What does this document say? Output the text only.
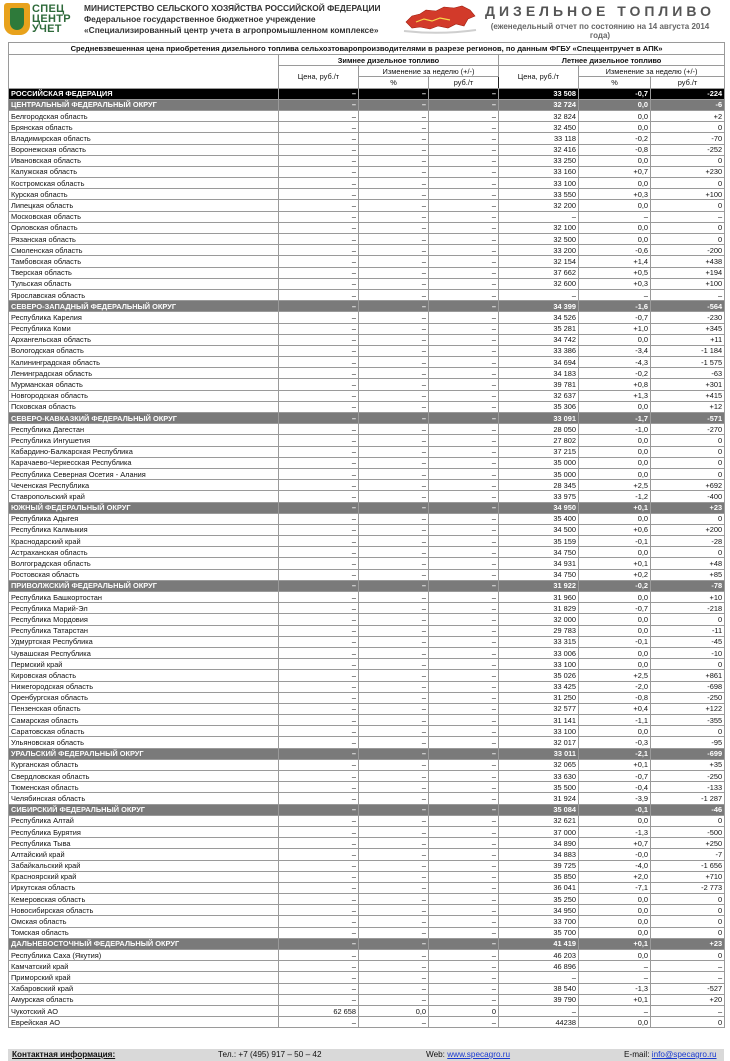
СПЕЦ
ЦЕНТР
УЧЕТ
МИНИСТЕРСТВО СЕЛЬСКОГО ХОЗЯЙСТВА РОССИЙСКОЙ ФЕДЕРАЦИИ
Федеральное государственное бюджетное учреждение
«Специализированный центр учета в агропромышленном комплексе»
ДИЗЕЛЬНОЕ ТОПЛИВО
(еженедельный отчет по состоянию на 14 августа 2014 года)
Средневзвешенная цена приобретения дизельного топлива сельхозтоваропроизводителями в разрезе регионов, по данным ФГБУ «Спеццентручет в АПК»						
	Зимнее дизельное топливо			Летнее дизельное топливо		
	Цена, руб./т	Изменение за неделю (+/-)		Цена, руб./т	Изменение за неделю (+/-)	
		%	руб./т		%	руб./т
РОССИЙСКАЯ ФЕДЕРАЦИЯ	–	–	–	33 508	-0,7	-224
ЦЕНТРАЛЬНЫЙ ФЕДЕРАЛЬНЫЙ ОКРУГ	–	–	–	32 724	0,0	-6
Белгородская область	–	–	–	32 824	0,0	+2
Брянская область	–	–	–	32 450	0,0	0
Владимирская область	–	–	–	33 118	-0,2	-70
Воронежская область	–	–	–	32 416	-0,8	-252
Ивановская область	–	–	–	33 250	0,0	0
Калужская область	–	–	–	33 160	+0,7	+230
Костромская область	–	–	–	33 100	0,0	0
Курская область	–	–	–	33 550	+0,3	+100
Липецкая область	–	–	–	32 200	0,0	0
Московская область	–	–	–	–	–	–
Орловская область	–	–	–	32 100	0,0	0
Рязанская область	–	–	–	32 500	0,0	0
Смоленская область	–	–	–	33 200	-0,6	-200
Тамбовская область	–	–	–	32 154	+1,4	+438
Тверская область	–	–	–	37 662	+0,5	+194
Тульская область	–	–	–	32 600	+0,3	+100
Ярославская область	–	–	–	–	–	–
СЕВЕРО-ЗАПАДНЫЙ ФЕДЕРАЛЬНЫЙ ОКРУГ	–	–	–	34 399	-1,6	-564
Республика Карелия	–	–	–	34 526	-0,7	-230
Республика Коми	–	–	–	35 281	+1,0	+345
Архангельская область	–	–	–	34 742	0,0	+11
Вологодская область	–	–	–	33 386	-3,4	-1 184
Калининградская область	–	–	–	34 694	-4,3	-1 575
Ленинградская область	–	–	–	34 183	-0,2	-63
Мурманская область	–	–	–	39 781	+0,8	+301
Новгородская область	–	–	–	32 637	+1,3	+415
Псковская область	–	–	–	35 306	0,0	+12
СЕВЕРО-КАВКАЗКИЙ ФЕДЕРАЛЬНЫЙ ОКРУГ	–	–	–	33 091	-1,7	-571
Республика Дагестан	–	–	–	28 050	-1,0	-270
Республика Ингушетия	–	–	–	27 802	0,0	0
Кабардино-Балкарская Республика	–	–	–	37 215	0,0	0
Карачаево-Черкесская Республика	–	–	–	35 000	0,0	0
Республика Северная Осетия - Алания	–	–	–	35 000	0,0	0
Чеченская Республика	–	–	–	28 345	+2,5	+692
Ставропольский край	–	–	–	33 975	-1,2	-400
ЮЖНЫЙ ФЕДЕРАЛЬНЫЙ ОКРУГ	–	–	–	34 950	+0,1	+23
Республика Адыгея	–	–	–	35 400	0,0	0
Республика Калмыкия	–	–	–	34 500	+0,6	+200
Краснодарский край	–	–	–	35 159	-0,1	-28
Астраханская область	–	–	–	34 750	0,0	0
Волгоградская область	–	–	–	34 931	+0,1	+48
Ростовская область	–	–	–	34 750	+0,2	+85
ПРИВОЛЖСКИЙ ФЕДЕРАЛЬНЫЙ ОКРУГ	–	–	–	31 922	-0,2	-78
Республика Башкортостан	–	–	–	31 960	0,0	+10
Республика Марий-Эл	–	–	–	31 829	-0,7	-218
Республика Мордовия	–	–	–	32 000	0,0	0
Республика Татарстан	–	–	–	29 783	0,0	-11
Удмуртская Республика	–	–	–	33 315	-0,1	-45
Чувашская Республика	–	–	–	33 006	0,0	-10
Пермский край	–	–	–	33 100	0,0	0
Кировская область	–	–	–	35 026	+2,5	+861
Нижегородская область	–	–	–	33 425	-2,0	-698
Оренбургская область	–	–	–	31 250	-0,8	-250
Пензенская область	–	–	–	32 577	+0,4	+122
Самарская область	–	–	–	31 141	-1,1	-355
Саратовская область	–	–	–	33 100	0,0	0
Ульяновская область	–	–	–	32 017	-0,3	-95
УРАЛЬСКИЙ ФЕДЕРАЛЬНЫЙ ОКРУГ	–	–	–	33 011	-2,1	-699
Курганская область	–	–	–	32 065	+0,1	+35
Свердловская область	–	–	–	33 630	-0,7	-250
Тюменская область	–	–	–	35 500	-0,4	-133
Челябинская область	–	–	–	31 924	-3,9	-1 287
СИБИРСКИЙ ФЕДЕРАЛЬНЫЙ ОКРУГ	–	–	–	35 084	-0,1	-46
Республика Алтай	–	–	–	32 621	0,0	0
Республика Бурятия	–	–	–	37 000	-1,3	-500
Республика Тыва	–	–	–	34 890	+0,7	+250
Алтайский край	–	–	–	34 883	-0,0	-7
Забайкальский край	–	–	–	39 725	-4,0	-1 656
Красноярский край	–	–	–	35 850	+2,0	+710
Иркутская область	–	–	–	36 041	-7,1	-2 773
Кемеровская область	–	–	–	35 250	0,0	0
Новосибирская область	–	–	–	34 950	0,0	0
Омская область	–	–	–	33 700	0,0	0
Томская область	–	–	–	35 700	0,0	0
ДАЛЬНЕВОСТОЧНЫЙ ФЕДЕРАЛЬНЫЙ ОКРУГ	–	–	–	41 419	+0,1	+23
Республика Саха (Якутия)	–	–	–	46 203	0,0	0
Камчатский край	–	–	–	46 896	–	–
Приморский край	–	–	–	–	–	–
Хабаровский край	–	–	–	38 540	-1,3	-527
Амурская область	–	–	–	39 790	+0,1	+20
Чукотский АО	62 658	0,0	0	–	–	–
Еврейская АО	–	–	–	44238	0,0	0
Контактная информация:	Тел.: +7 (495) 917 – 50 – 42	Web: www.specagro.ru	E-mail: info@specagro.ru
